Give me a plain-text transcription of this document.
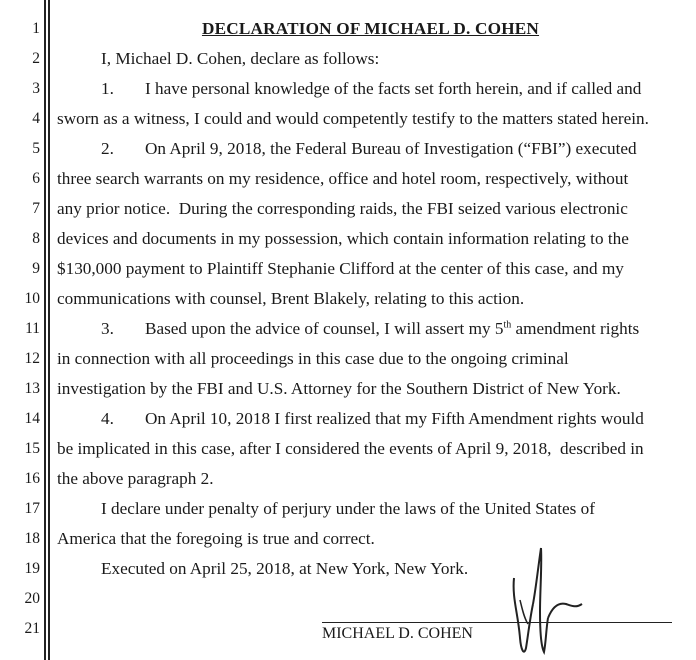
1	DECLARATION OF MICHAEL D. COHEN
2	I, Michael D. Cohen, declare as follows:
3	1. I have personal knowledge of the facts set forth herein, and if called and
4 sworn as a witness, I could and would competently testify to the matters stated herein.
5	2. On April 9, 2018, the Federal Bureau of Investigation (“FBI”) executed
6 three search warrants on my residence, office and hotel room, respectively, without
7 any prior notice.  During the corresponding raids, the FBI seized various electronic
8 devices and documents in my possession, which contain information relating to the
9 $130,000 payment to Plaintiff Stephanie Clifford at the center of this case, and my
10 communications with counsel, Brent Blakely, relating to this action.
11	3. Based upon the advice of counsel, I will assert my 5th amendment rights
12 in connection with all proceedings in this case due to the ongoing criminal
13 investigation by the FBI and U.S. Attorney for the Southern District of New York.
14	4. On April 10, 2018 I first realized that my Fifth Amendment rights would
15 be implicated in this case, after I considered the events of April 9, 2018,  described in
16 the above paragraph 2.
17	I declare under penalty of perjury under the laws of the United States of
18 America that the foregoing is true and correct.
19	Executed on April 25, 2018, at New York, New York.
20
21	MICHAEL D. COHEN
